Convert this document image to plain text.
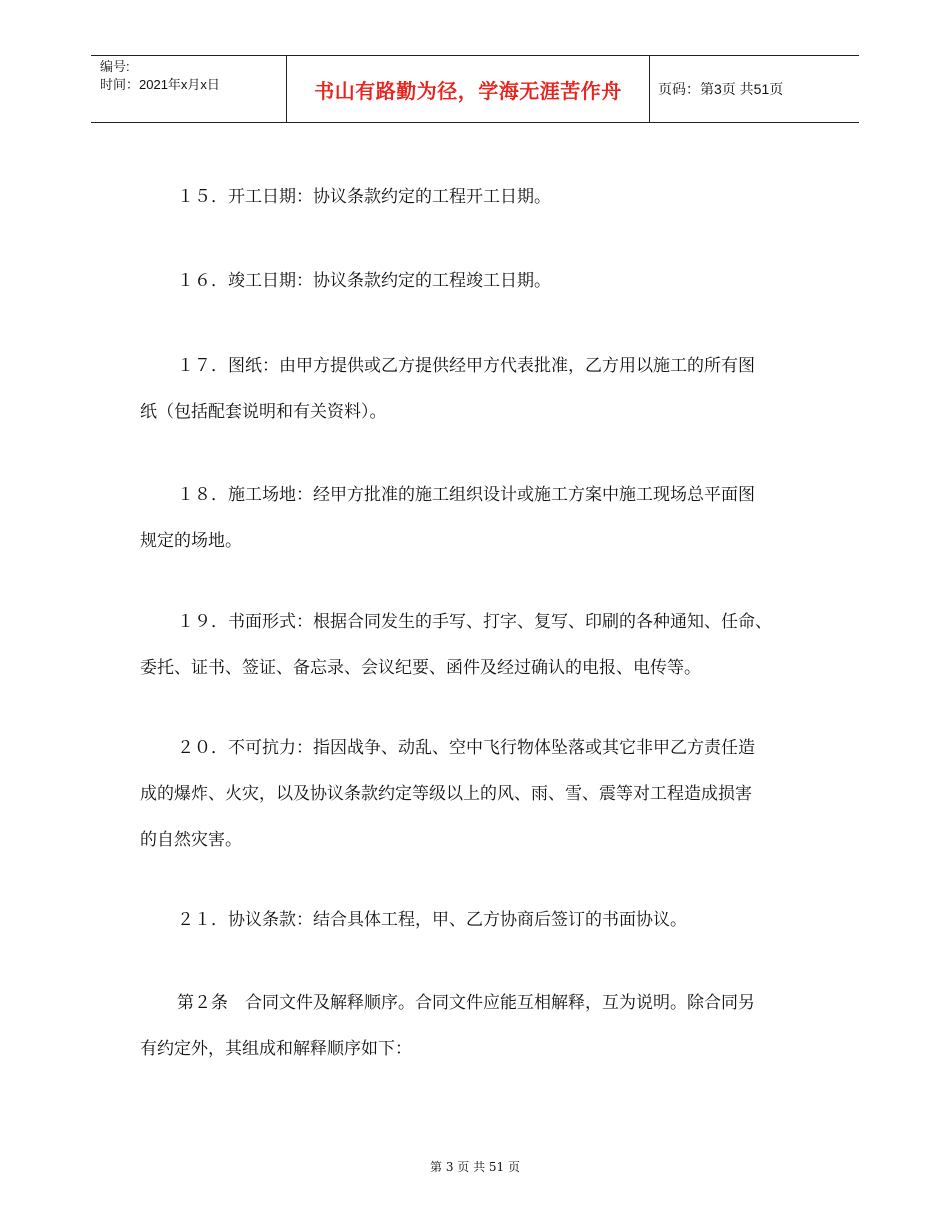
编号:
时间：2021年x月x日	书山有路勤为径，学海无涯苦作舟	页码：第3页 共51页
１５．开工日期：协议条款约定的工程开工日期。
１６．竣工日期：协议条款约定的工程竣工日期。
１７．图纸：由甲方提供或乙方提供经甲方代表批准，乙方用以施工的所有图
纸（包括配套说明和有关资料）。
１８．施工场地：经甲方批准的施工组织设计或施工方案中施工现场总平面图
规定的场地。
１９．书面形式：根据合同发生的手写、打字、复写、印刷的各种通知、任命、
委托、证书、签证、备忘录、会议纪要、函件及经过确认的电报、电传等。
２０．不可抗力：指因战争、动乱、空中飞行物体坠落或其它非甲乙方责任造
成的爆炸、火灾，以及协议条款约定等级以上的风、雨、雪、震等对工程造成损害
的自然灾害。
２１．协议条款：结合具体工程，甲、乙方协商后签订的书面协议。
第２条　合同文件及解释顺序。合同文件应能互相解释，互为说明。除合同另
有约定外，其组成和解释顺序如下：
第 3 页 共 51 页
